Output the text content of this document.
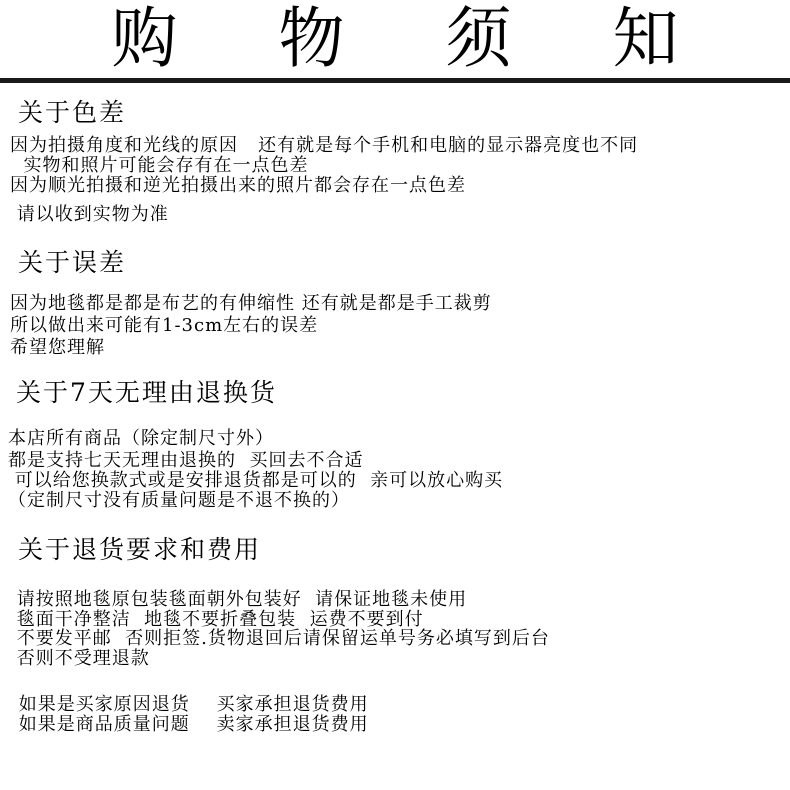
购 物 须 知
关于色差
因为拍摄角度和光线的原因   还有就是每个手机和电脑的显示器亮度也不同
实物和照片可能会存有在一点色差
因为顺光拍摄和逆光拍摄出来的照片都会存在一点色差
请以收到实物为准
关于误差
因为地毯都是都是布艺的有伸缩性 还有就是都是手工裁剪
所以做出来可能有1-3cm左右的误差
希望您理解
关于7天无理由退换货
本店所有商品（除定制尺寸外）
都是支持七天无理由退换的  买回去不合适
可以给您换款式或是安排退货都是可以的  亲可以放心购买
（定制尺寸没有质量问题是不退不换的）
关于退货要求和费用
请按照地毯原包装毯面朝外包装好  请保证地毯未使用
毯面干净整洁  地毯不要折叠包装  运费不要到付
不要发平邮  否则拒签.货物退回后请保留运单号务必填写到后台
否则不受理退款
如果是买家原因退货    买家承担退货费用
如果是商品质量问题    卖家承担退货费用
